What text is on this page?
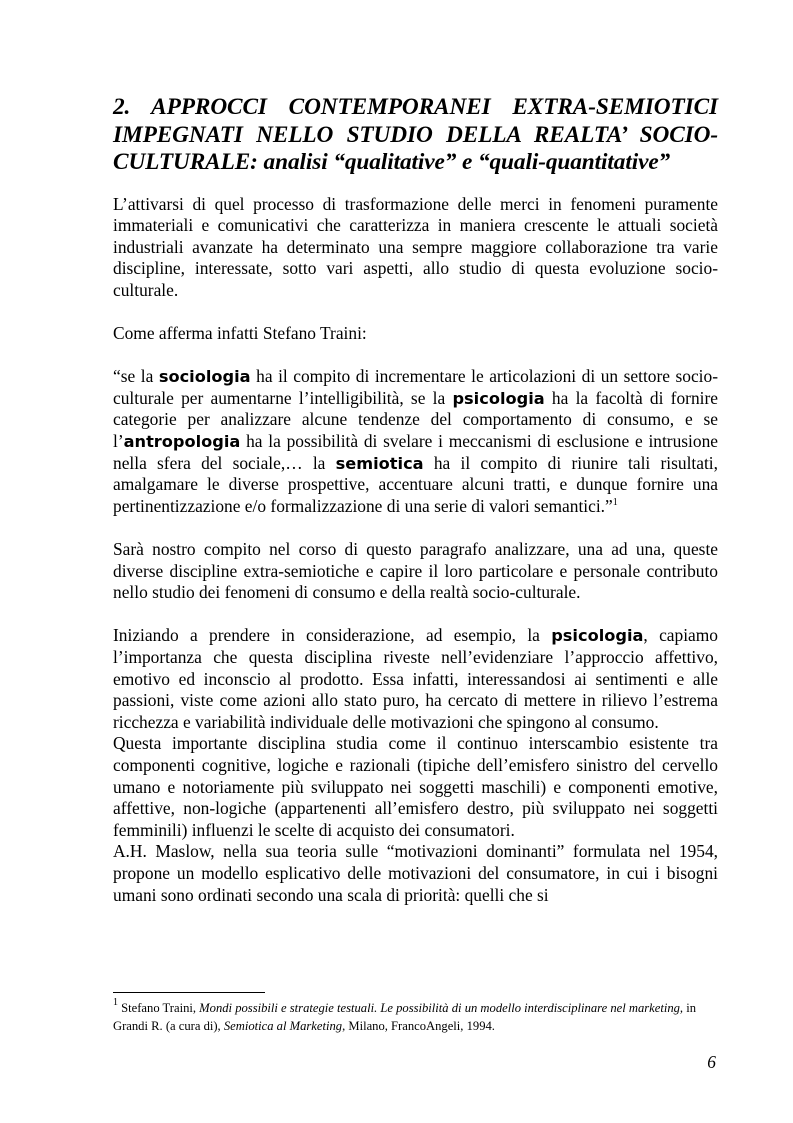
2. APPROCCI CONTEMPORANEI EXTRA-SEMIOTICI IMPEGNATI NELLO STUDIO DELLA REALTA’ SOCIO-CULTURALE: analisi “qualitative” e “quali-quantitative”

L’attivarsi di quel processo di trasformazione delle merci in fenomeni puramente immateriali e comunicativi che caratterizza in maniera crescente le attuali società industriali avanzate ha determinato una sempre maggiore collaborazione tra varie discipline, interessate, sotto vari aspetti, allo studio di questa evoluzione socio-culturale.

Come afferma infatti Stefano Traini:

“se la sociologia ha il compito di incrementare le articolazioni di un settore socio-culturale per aumentarne l’intelligibilità, se la psicologia ha la facoltà di fornire categorie per analizzare alcune tendenze del comportamento di consumo, e se l’antropologia ha la possibilità di svelare i meccanismi di esclusione e intrusione nella sfera del sociale,… la semiotica ha il compito di riunire tali risultati, amalgamare le diverse prospettive, accentuare alcuni tratti, e dunque fornire una pertinentizzazione e/o formalizzazione di una serie di valori semantici.”$^1$

Sarà nostro compito nel corso di questo paragrafo analizzare, una ad una, queste diverse discipline extra-semiotiche e capire il loro particolare e personale contributo nello studio dei fenomeni di consumo e della realtà socio-culturale.

Iniziando a prendere in considerazione, ad esempio, la psicologia, capiamo l’importanza che questa disciplina riveste nell’evidenziare l’approccio affettivo, emotivo ed inconscio al prodotto. Essa infatti, interessandosi ai sentimenti e alle passioni, viste come azioni allo stato puro, ha cercato di mettere in rilievo l’estrema ricchezza e variabilità individuale delle motivazioni che spingono al consumo.

Questa importante disciplina studia come il continuo interscambio esistente tra componenti cognitive, logiche e razionali (tipiche dell’emisfero sinistro del cervello umano e notoriamente più sviluppato nei soggetti maschili) e componenti emotive, affettive, non-logiche (appartenenti all’emisfero destro, più sviluppato nei soggetti femminili) influenzi le scelte di acquisto dei consumatori.

A.H. Maslow, nella sua teoria sulle “motivazioni dominanti” formulata nel 1954, propone un modello esplicativo delle motivazioni del consumatore, in cui i bisogni umani sono ordinati secondo una scala di priorità: quelli che si

$^1$ Stefano Traini, Mondi possibili e strategie testuali. Le possibilità di un modello interdisciplinare nel marketing, in Grandi R. (a cura di), Semiotica al Marketing, Milano, FrancoAngeli, 1994.
6
